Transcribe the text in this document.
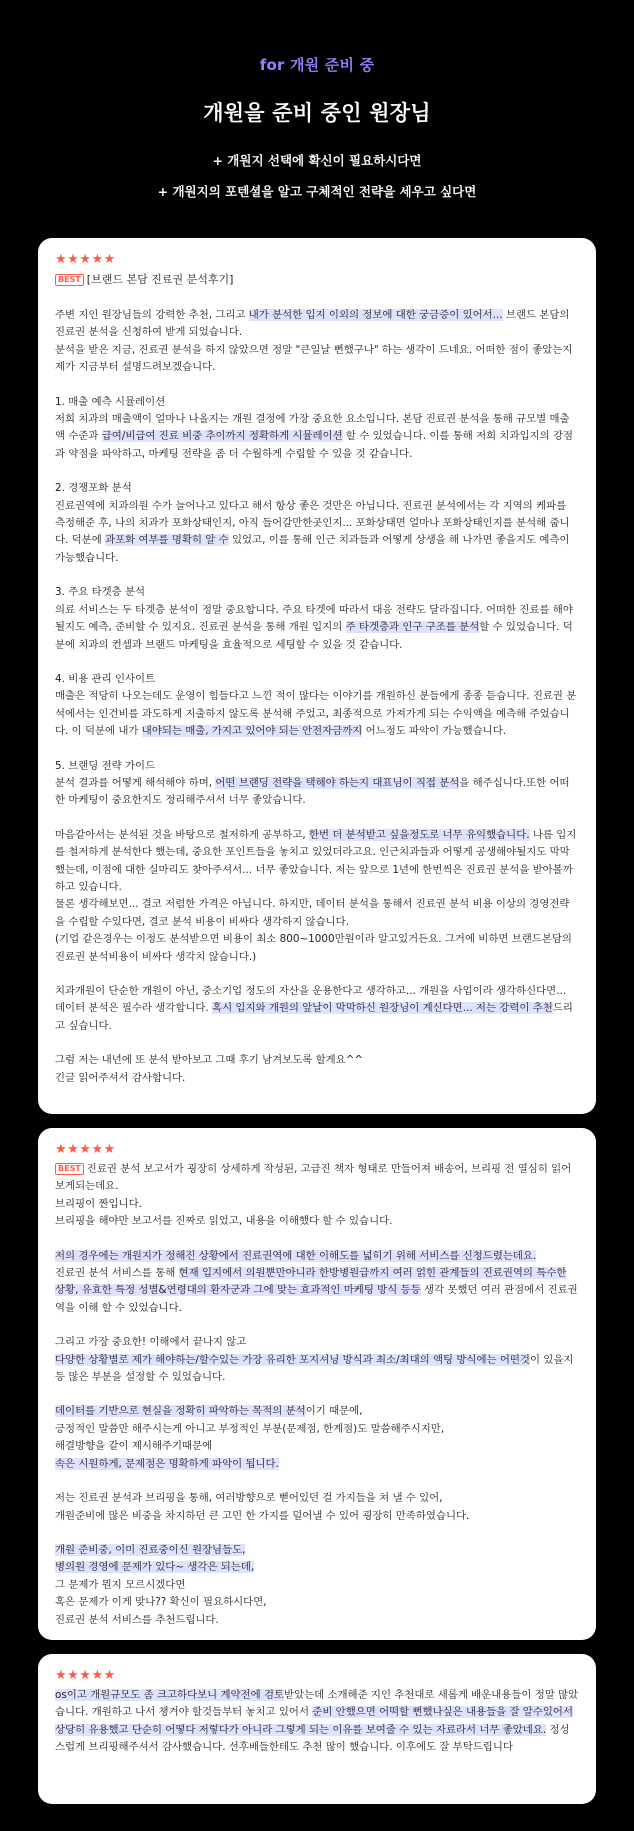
for 개원 준비 중
개원을 준비 중인 원장님
+ 개원지 선택에 확신이 필요하시다면
+ 개원지의 포텐셜을 알고 구체적인 전략을 세우고 싶다면
★★★★★
BEST [브랜드 본담 진료권 분석후기]
주변 지인 원장님들의 강력한 추천, 그리고 내가 분석한 입지 이외의 정보에 대한 궁금증이 있어서... 브랜드 본담의 진료권 분석을 신청하여 받게 되었습니다.
분석을 받은 지금, 진료권 분석을 하지 않았으면 정말 "큰일날 뻔했구나" 하는 생각이 드네요. 어떠한 점이 좋았는지 제가 지금부터 설명드려보겠습니다.
1. 매출 예측 시뮬레이션
저희 치과의 매출액이 얼마나 나올지는 개원 결정에 가장 중요한 요소입니다. 본담 진료권 분석을 통해 규모별 매출액 수준과 급여/비급여 진료 비중 추이까지 정확하게 시뮬레이션 할 수 있었습니다. 이를 통해 저희 치과입지의 강점과 약점을 파악하고, 마케팅 전략을 좀 더 수월하게 수립할 수 있을 것 같습니다.
2. 경쟁포화 분석
진료권역에 치과의원 수가 늘어나고 있다고 해서 항상 좋은 것만은 아닙니다. 진료권 분석에서는 각 지역의 케파를 측정해준 후, 나의 치과가 포화상태인지, 아직 들어갈만한곳인지... 포화상태면 얼마나 포화상태인지를 분석해 줍니다. 덕분에 과포화 여부를 명확히 알 수 있었고, 이를 통해 인근 치과들과 어떻게 상생을 해 나가면 좋을지도 예측이 가능했습니다.
3. 주요 타겟층 분석
의료 서비스는 두 타겟층 분석이 정말 중요합니다. 주요 타겟에 따라서 대응 전략도 달라집니다. 어떠한 진료를 해야될지도 예측, 준비할 수 있지요. 진료권 분석을 통해 개원 입지의 주 타겟층과 인구 구조를 분석할 수 있었습니다. 덕분에 치과의 컨셉과 브랜드 마케팅을 효율적으로 세팅할 수 있을 것 같습니다.
4. 비용 관리 인사이트
매출은 적당히 나오는데도 운영이 힘들다고 느낀 적이 많다는 이야기를 개원하신 분들에게 종종 듣습니다. 진료권 분석에서는 인건비를 과도하게 지출하지 않도록 분석해 주었고, 최종적으로 가져가게 되는 수익액을 예측해 주었습니다. 이 덕분에 내가 내야되는 매출, 가지고 있어야 되는 안전자금까지 어느정도 파악이 가능했습니다.
5. 브랜딩 전략 가이드
분석 결과를 어떻게 해석해야 하며, 어떤 브랜딩 전략을 택해야 하는지 대표님이 직접 분석을 해주십니다.또한 어떠한 마케팅이 중요한지도 정리해주셔서 너무 좋았습니다.
마음같아서는 분석된 것을 바탕으로 철저하게 공부하고, 한번 더 분석받고 싶을정도로 너무 유익했습니다. 나름 입지를 철저하게 분석한다 했는데, 중요한 포인트들을 놓치고 있었더라고요. 인근치과들과 어떻게 공생해야될지도 막막했는데, 이점에 대한 실마리도 찾아주셔서... 너무 좋았습니다. 저는 앞으로 1년에 한번씩은 진료권 분석을 받아볼까 하고 있습니다.
물론 생각해보면... 결코 저렴한 가격은 아닙니다. 하지만, 데이터 분석을 통해서 진료권 분석 비용 이상의 경영전략을 수립할 수있다면, 결코 분석 비용이 비싸다 생각하지 않습니다.
(기업 같은경우는 이정도 분석받으면 비용이 최소 800~1000만원이라 알고있거든요. 그거에 비하면 브랜드본담의 진료권 분석비용이 비싸다 생각치 않습니다.)
치과개원이 단순한 개원이 아닌, 중소기업 정도의 자산을 운용한다고 생각하고... 개원을 사업이라 생각하신다면... 데이터 분석은 필수라 생각합니다. 혹시 입지와 개원의 앞날이 막막하신 원장님이 계신다면... 저는 강력이 추천드리고 싶습니다.
그럼 저는 내년에 또 분석 받아보고 그때 후기 남겨보도록 할게요^^
긴글 읽어주셔서 감사합니다.
★★★★★
BEST 진료권 분석 보고서가 굉장히 상세하게 작성된, 고급진 책자 형태로 만들어져 배송어, 브리핑 전 열심히 읽어보게되는데요.
브리핑이 짠입니다.
브리핑을 해야만 보고서를 진짜로 읽었고, 내용을 이해했다 할 수 있습니다.
저의 경우에는 개원지가 정해진 상황에서 진료권역에 대한 이해도를 넓히기 위해 서비스를 신청드렸는데요.
진료권 분석 서비스를 통해 현재 입지에서 의원뿐만아니라 한방병원급까지 여러 얽힌 관계들의 진료권역의 특수한 상황, 유효한 특정 성별&연령대의 환자군과 그에 맞는 효과적인 마케팅 방식 등등 생각 못했던 여러 관점에서 진료권역을 이해 할 수 있었습니다.
그리고 가장 중요한! 이해에서 끝나지 않고
다양한 상황별로 제가 해야하는/할수있는 가장 유리한 포지셔닝 방식과 최소/최대의 액팅 방식에는 어떤것이 있을지 등 많은 부분을 설정할 수 있었습니다.
데이터를 기반으로 현실을 정확히 파악하는 목적의 분석이기 때문에,
긍정적인 말씀만 해주시는게 아니고 부정적인 부분(문제점, 한계점)도 말씀해주시지만,
해결방향을 같이 제시해주기때문에
속은 시원하게, 문제점은 명확하게 파악이 됩니다.
저는 진료권 분석과 브리핑을 통해, 여러방향으로 뻗어있던 걸 가지들을 쳐 낼 수 있어,
개원준비에 많은 비중을 차지하던 큰 고민 한 가지를 덜어낼 수 있어 굉장히 만족하였습니다.
개원 준비중, 이미 진료중이신 원장님들도,
병의원 경영에 문제가 있다~ 생각은 되는데,
그 문제가 뭔지 모르시겠다면
혹은 문제가 이게 맞나?? 확신이 필요하시다면,
진료권 분석 서비스를 추천드립니다.
★★★★★
os이고 개원규모도 좀 크고하다보니 계약전에 검토받았는데 소개해준 지인 추천대로 새롭게 배운내용들이 정말 많았습니다. 개원하고 나서 챙겨야 할것들부터 놓치고 있어서 준비 안했으면 어떡할 뻔했나싶은 내용들을 잘 알수있어서 상당히 유용했고 단순히 어떻다 저렇다가 아니라 그렇게 되는 이유를 보여줄 수 있는 자료라서 너무 좋았네요. 정성스럽게 브리핑해주셔서 감사했습니다. 선후배들한테도 추천 많이 했습니다. 이후에도 잘 부탁드립니다
